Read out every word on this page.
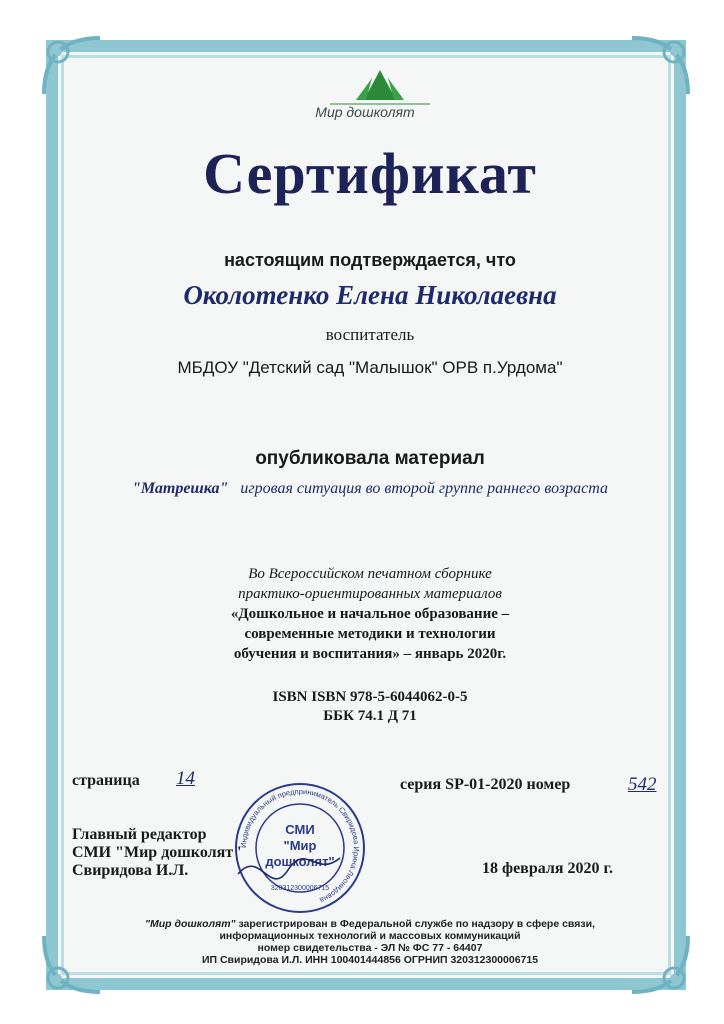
Мир дошколят
Сертификат
настоящим подтверждается, что
Околотенко Елена Николаевна
воспитатель
МБДОУ "Детский сад "Малышок" ОРВ п.Урдома"
опубликовала материал
"Матрешка" игровая ситуация во второй группе раннего возраста
Во Всероссийском печатном сборнике
практико-ориентированных материалов
«Дошкольное и начальное образование –
современные методики и технологии
обучения и воспитания» – январь 2020г.
ISBN ISBN 978-5-6044062-0-5
ББК 74.1 Д 71
страница 14	серия SP-01-2020 номер	542
Главный редактор
СМИ "Мир дошколят"
Свиридова И.Л.
Индивидуальный предприниматель Свиридова Ирина Леонидовна
320312300006715
СМИ
"Мир
дошколят"	18 февраля 2020 г.
"Мир дошколят" зарегистрирован в Федеральной службе по надзору в сфере связи,
информационных технологий и массовых коммуникаций
номер свидетельства - ЭЛ № ФС 77 - 64407
ИП Свиридова И.Л. ИНН 100401444856 ОГРНИП 320312300006715
